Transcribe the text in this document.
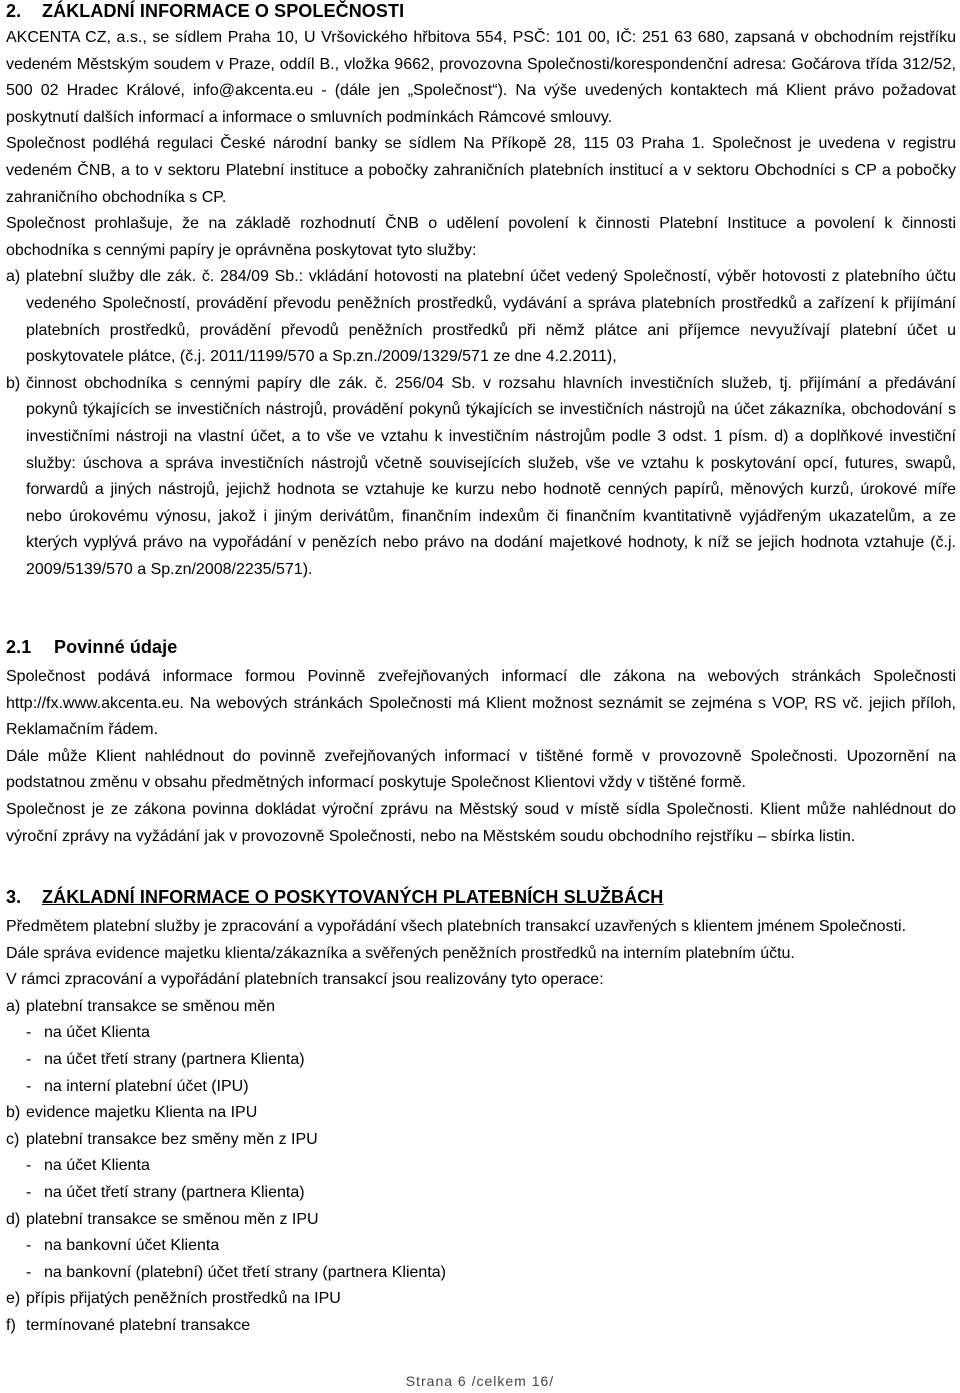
2. ZÁKLADNÍ INFORMACE O SPOLEČNOSTI

AKCENTA CZ, a.s., se sídlem Praha 10, U Vršovického hřbitova 554, PSČ: 101 00, IČ: 251 63 680, zapsaná v obchodním rejstříku vedeném Městským soudem v Praze, oddíl B., vložka 9662, provozovna Společnosti/korespondenční adresa: Gočárova třída 312/52, 500 02 Hradec Králové, info@akcenta.eu - (dále jen „Společnost“). Na výše uvedených kontaktech má Klient právo požadovat poskytnutí dalších informací a informace o smluvních podmínkách Rámcové smlouvy.

Společnost podléhá regulaci České národní banky se sídlem Na Příkopě 28, 115 03 Praha 1. Společnost je uvedena v registru vedeném ČNB, a to v sektoru Platební instituce a pobočky zahraničních platebních institucí a v sektoru Obchodníci s CP a pobočky zahraničního obchodníka s CP.

Společnost prohlašuje, že na základě rozhodnutí ČNB o udělení povolení k činnosti Platební Instituce a povolení k činnosti obchodníka s cennými papíry je oprávněna poskytovat tyto služby:

a) platební služby dle zák. č. 284/09 Sb.: vkládání hotovosti na platební účet vedený Společností, výběr hotovosti z platebního účtu vedeného Společností, provádění převodu peněžních prostředků, vydávání a správa platebních prostředků a zařízení k přijímání platebních prostředků, provádění převodů peněžních prostředků při němž plátce ani příjemce nevyužívají platební účet u poskytovatele plátce, (č.j. 2011/1199/570 a Sp.zn./2009/1329/571 ze dne 4.2.2011),
b) činnost obchodníka s cennými papíry dle zák. č. 256/04 Sb. v rozsahu hlavních investičních služeb, tj. přijímání a předávání pokynů týkajících se investičních nástrojů, provádění pokynů týkajících se investičních nástrojů na účet zákazníka, obchodování s investičními nástroji na vlastní účet, a to vše ve vztahu k investičním nástrojům podle 3 odst. 1 písm. d) a doplňkové investiční služby: úschova a správa investičních nástrojů včetně souvisejících služeb, vše ve vztahu k poskytování opcí, futures, swapů, forwardů a jiných nástrojů, jejichž hodnota se vztahuje ke kurzu nebo hodnotě cenných papírů, měnových kurzů, úrokové míře nebo úrokovému výnosu, jakož i jiným derivátům, finančním indexům či finančním kvantitativně vyjádřeným ukazatelům, a ze kterých vyplývá právo na vypořádání v penězích nebo právo na dodání majetkové hodnoty, k níž se jejich hodnota vztahuje (č.j. 2009/5139/570 a Sp.zn/2008/2235/571).
2.1 Povinné údaje

Společnost podává informace formou Povinně zveřejňovaných informací dle zákona na webových stránkách Společnosti http://fx.www.akcenta.eu. Na webových stránkách Společnosti má Klient možnost seznámit se zejména s VOP, RS vč. jejich příloh, Reklamačním řádem.

Dále může Klient nahlédnout do povinně zveřejňovaných informací v tištěné formě v provozovně Společnosti. Upozornění na podstatnou změnu v obsahu předmětných informací poskytuje Společnost Klientovi vždy v tištěné formě.

Společnost je ze zákona povinna dokládat výroční zprávu na Městský soud v místě sídla Společnosti. Klient může nahlédnout do výroční zprávy na vyžádání jak v provozovně Společnosti, nebo na Městském soudu obchodního rejstříku – sbírka listin.

3. ZÁKLADNÍ INFORMACE O POSKYTOVANÝCH PLATEBNÍCH SLUŽBÁCH

Předmětem platební služby je zpracování a vypořádání všech platebních transakcí uzavřených s klientem jménem Společnosti.

Dále správa evidence majetku klienta/zákazníka a svěřených peněžních prostředků na interním platebním účtu.

V rámci zpracování a vypořádání platebních transakcí jsou realizovány tyto operace:

a) platební transakce se směnou měn
- na účet Klienta
- na účet třetí strany (partnera Klienta)
- na interní platební účet (IPU)
b) evidence majetku Klienta na IPU
c) platební transakce bez směny měn z IPU
- na účet Klienta
- na účet třetí strany (partnera Klienta)
d) platební transakce se směnou měn z IPU
- na bankovní účet Klienta
- na bankovní (platební) účet třetí strany (partnera Klienta)
e) přípis přijatých peněžních prostředků na IPU
f) termínované platební transakce
Strana 6 /celkem 16/
